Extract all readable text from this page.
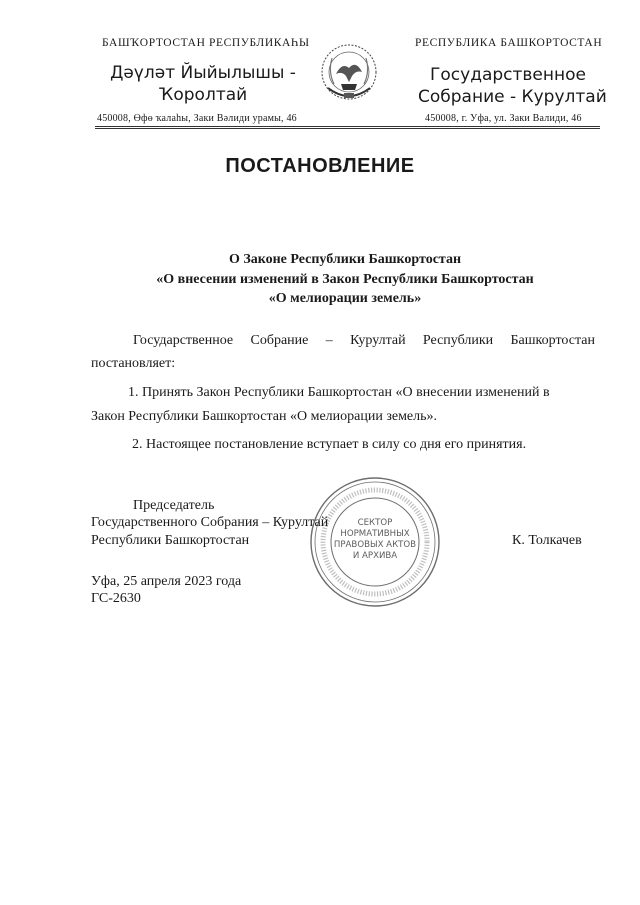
БАШҠОРТОСТАН РЕСПУБЛИКАҺЫ	РЕСПУБЛИКА БАШКОРТОСТАН
Дәүләт Йыйылышы -
Ҡоролтай
Государственное
Собрание - Курултай
450008, Өфө ҡалаһы, Заки Вәлиди урамы, 46	450008, г. Уфа, ул. Заки Валиди, 46
ПОСТАНОВЛЕНИЕ
О Законе Республики Башкортостан
«О внесении изменений в Закон Республики Башкортостан
«О мелиорации земель»
Государственное Собрание – Курултай Республики Башкортостан
постановляет:
1. Принять Закон Республики Башкортостан «О внесении изменений в
Закон Республики Башкортостан «О мелиорации земель».
2. Настоящее постановление вступает в силу со дня его принятия.
СЕКТОР
НОРМАТИВНЫХ
ПРАВОВЫХ АКТОВ
И АРХИВА
Председатель
Государственного Собрания – Курултай
Республики Башкортостан	К. Толкачев
Уфа, 25 апреля 2023 года
ГС-2630
